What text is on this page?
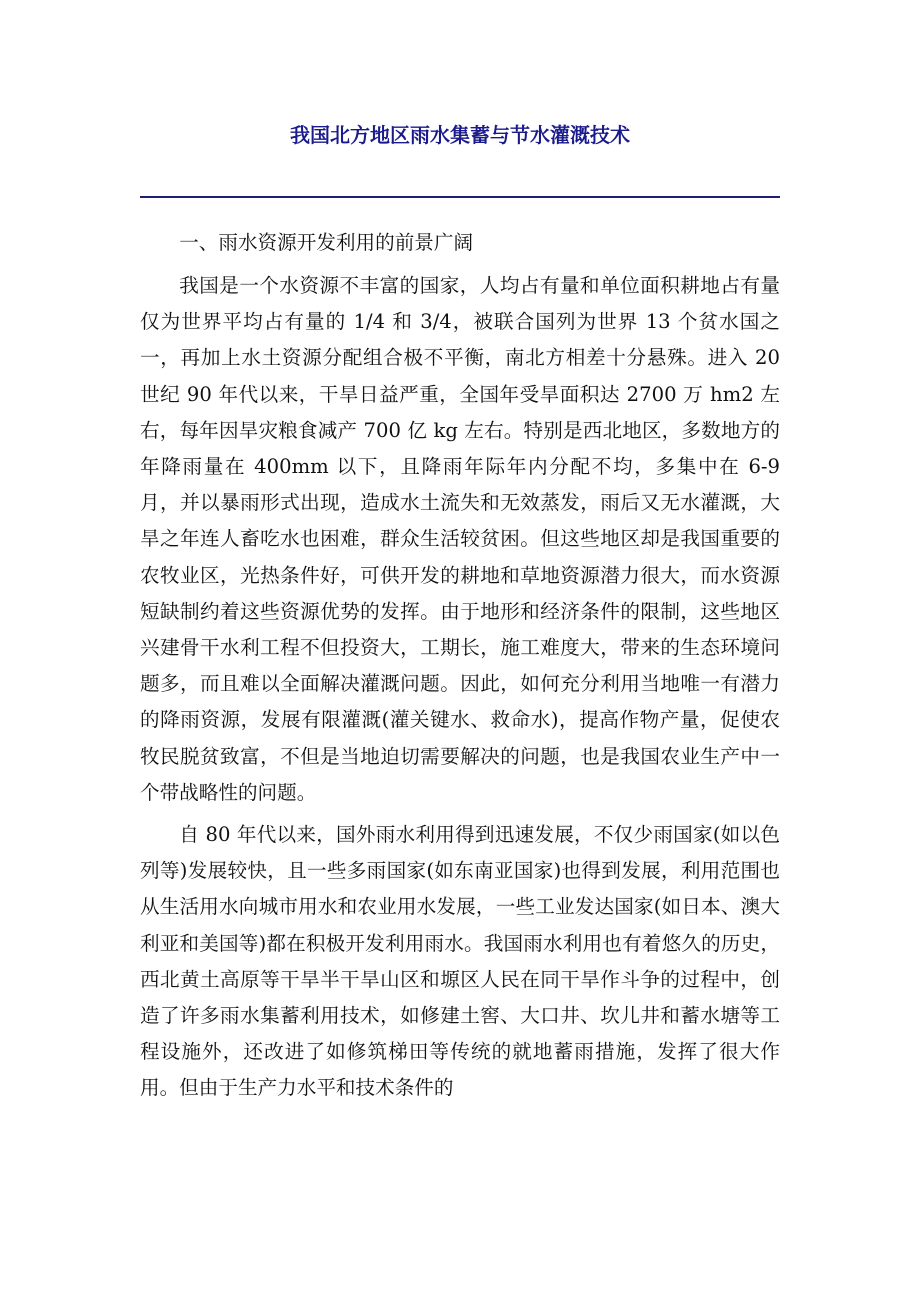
我国北方地区雨水集蓄与节水灌溉技术

一、雨水资源开发利用的前景广阔

我国是一个水资源不丰富的国家，人均占有量和单位面积耕地占有量仅为世界平均占有量的 1/4 和 3/4，被联合国列为世界 13 个贫水国之一，再加上水土资源分配组合极不平衡，南北方相差十分悬殊。进入 20 世纪 90 年代以来，干旱日益严重，全国年受旱面积达 2700 万 hm2 左右，每年因旱灾粮食减产 700 亿 kg 左右。特别是西北地区，多数地方的年降雨量在 400mm 以下，且降雨年际年内分配不均，多集中在 6-9 月，并以暴雨形式出现，造成水土流失和无效蒸发，雨后又无水灌溉，大旱之年连人畜吃水也困难，群众生活较贫困。但这些地区却是我国重要的农牧业区，光热条件好，可供开发的耕地和草地资源潜力很大，而水资源短缺制约着这些资源优势的发挥。由于地形和经济条件的限制，这些地区兴建骨干水利工程不但投资大，工期长，施工难度大，带来的生态环境问题多，而且难以全面解决灌溉问题。因此，如何充分利用当地唯一有潜力的降雨资源，发展有限灌溉(灌关键水、救命水)，提高作物产量，促使农牧民脱贫致富，不但是当地迫切需要解决的问题，也是我国农业生产中一个带战略性的问题。

自 80 年代以来，国外雨水利用得到迅速发展，不仅少雨国家(如以色列等)发展较快，且一些多雨国家(如东南亚国家)也得到发展，利用范围也从生活用水向城市用水和农业用水发展，一些工业发达国家(如日本、澳大利亚和美国等)都在积极开发利用雨水。我国雨水利用也有着悠久的历史，西北黄土高原等干旱半干旱山区和塬区人民在同干旱作斗争的过程中，创造了许多雨水集蓄利用技术，如修建土窖、大口井、坎儿井和蓄水塘等工程设施外，还改进了如修筑梯田等传统的就地蓄雨措施，发挥了很大作用。但由于生产力水平和技术条件的
